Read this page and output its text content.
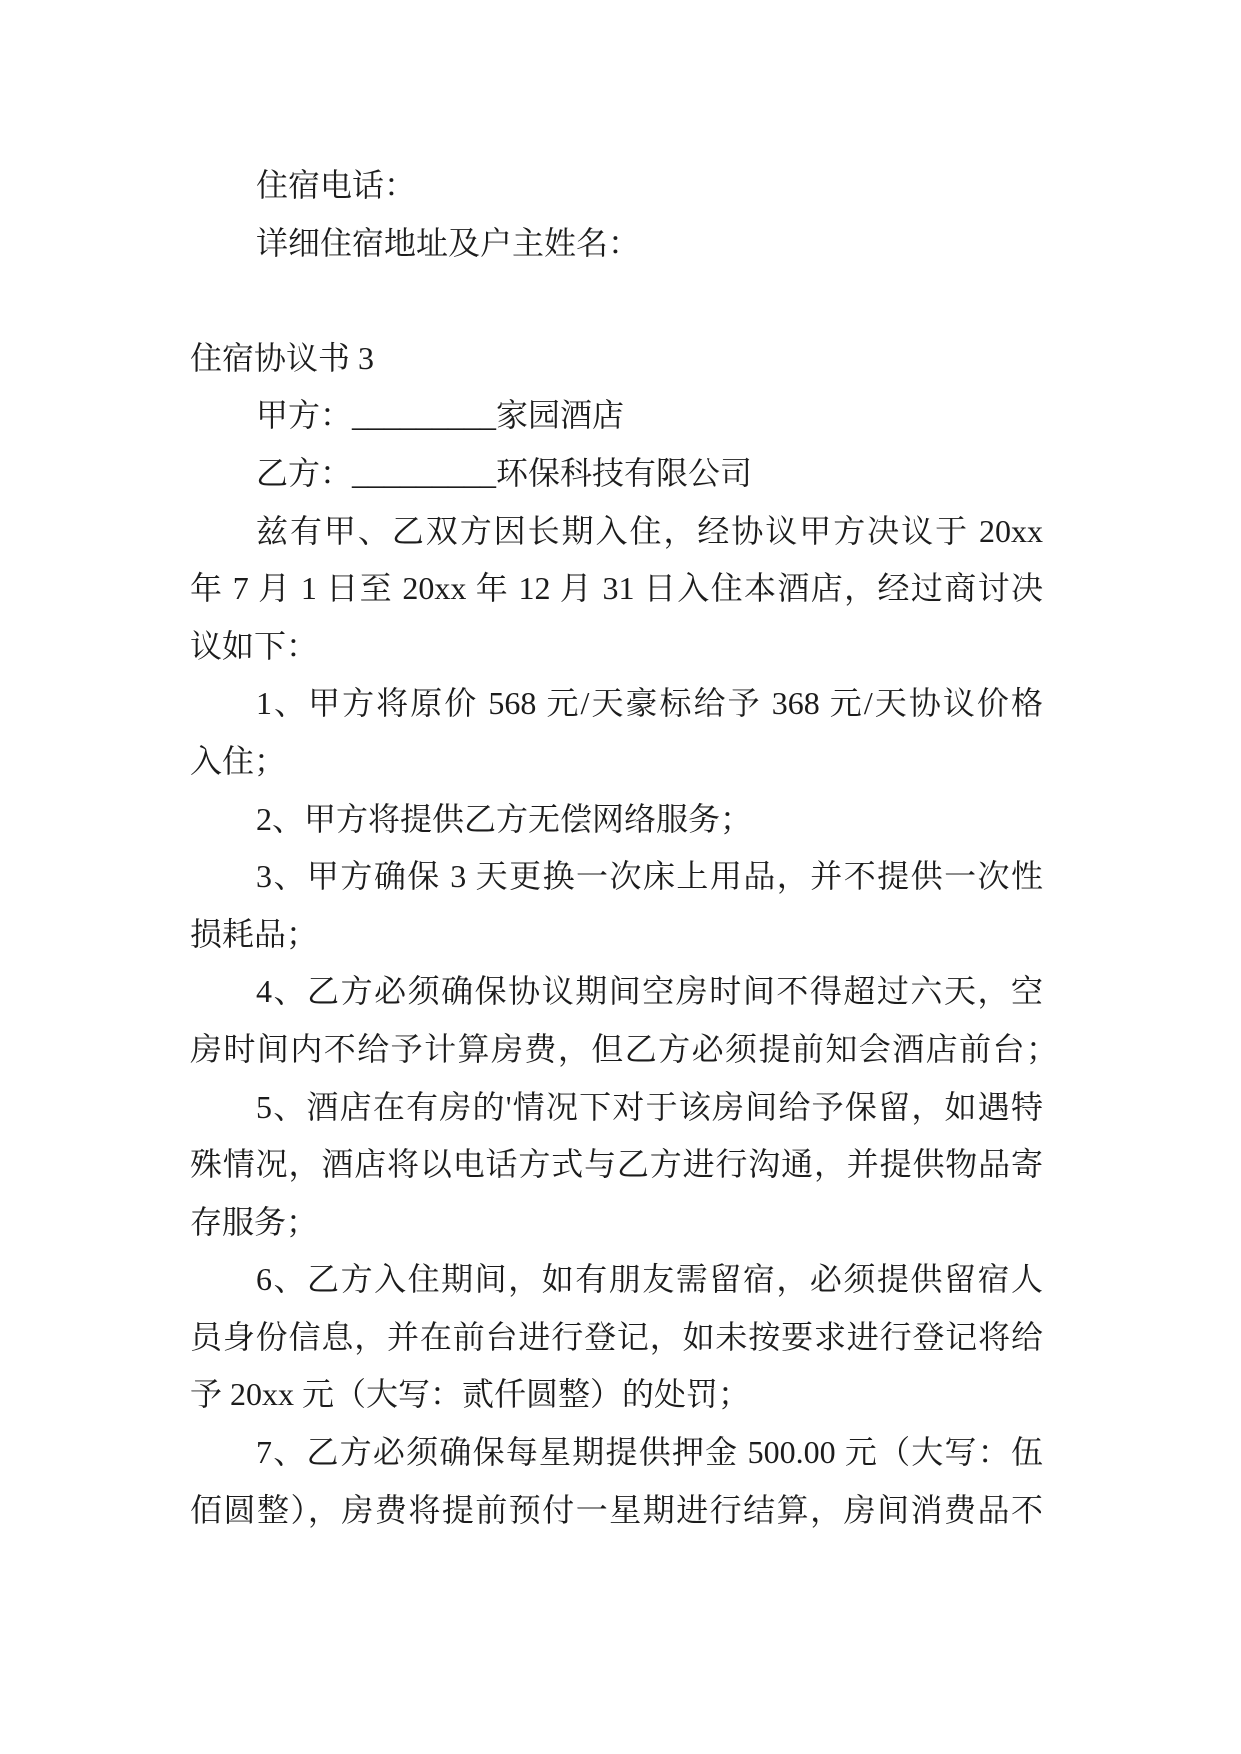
住宿电话：
详细住宿地址及户主姓名：
住宿协议书 3
甲方：_________家园酒店
乙方：_________环保科技有限公司
兹有甲、乙双方因长期入住，经协议甲方决议于 20xx
年 7 月 1 日至 20xx 年 12 月 31 日入住本酒店，经过商讨决
议如下：
1、甲方将原价 568 元/天豪标给予 368 元/天协议价格
入住；
2、甲方将提供乙方无偿网络服务；
3、甲方确保 3 天更换一次床上用品，并不提供一次性
损耗品；
4、乙方必须确保协议期间空房时间不得超过六天，空
房时间内不给予计算房费，但乙方必须提前知会酒店前台；
5、酒店在有房的'情况下对于该房间给予保留，如遇特
殊情况，酒店将以电话方式与乙方进行沟通，并提供物品寄
存服务；
6、乙方入住期间，如有朋友需留宿，必须提供留宿人
员身份信息，并在前台进行登记，如未按要求进行登记将给
予 20xx 元（大写：贰仟圆整）的处罚；
7、乙方必须确保每星期提供押金 500.00 元（大写：伍
佰圆整），房费将提前预付一星期进行结算，房间消费品不
